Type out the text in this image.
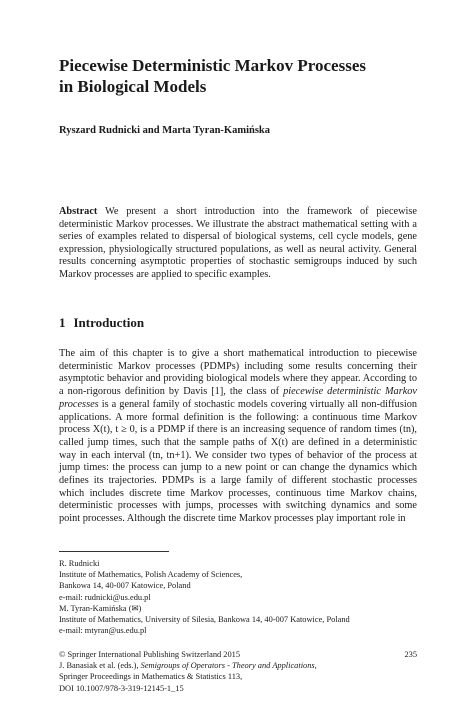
Piecewise Deterministic Markov Processes
in Biological Models
Ryszard Rudnicki and Marta Tyran-Kamińska
Abstract We present a short introduction into the framework of piecewise deterministic Markov processes. We illustrate the abstract mathematical setting with a series of examples related to dispersal of biological systems, cell cycle models, gene expression, physiologically structured populations, as well as neural activity. General results concerning asymptotic properties of stochastic semigroups induced by such Markov processes are applied to specific examples.
1 Introduction
The aim of this chapter is to give a short mathematical introduction to piecewise deterministic Markov processes (PDMPs) including some results concerning their asymptotic behavior and providing biological models where they appear. According to a non-rigorous definition by Davis [1], the class of piecewise deterministic Markov processes is a general family of stochastic models covering virtually all non-diffusion applications. A more formal definition is the following: a continuous time Markov process X(t), t ≥ 0, is a PDMP if there is an increasing sequence of random times (tn), called jump times, such that the sample paths of X(t) are defined in a deterministic way in each interval (tn, tn+1). We consider two types of behavior of the process at jump times: the process can jump to a new point or can change the dynamics which defines its trajectories. PDMPs is a large family of different stochastic processes which includes discrete time Markov processes, continuous time Markov chains, deterministic processes with jumps, processes with switching dynamics and some point processes. Although the discrete time Markov processes play important role in
R. Rudnicki
Institute of Mathematics, Polish Academy of Sciences,
Bankowa 14, 40-007 Katowice, Poland
e-mail: rudnicki@us.edu.pl
M. Tyran-Kamińska (✉)
Institute of Mathematics, University of Silesia, Bankowa 14, 40-007 Katowice, Poland
e-mail: mtyran@us.edu.pl
© Springer International Publishing Switzerland 2015
J. Banasiak et al. (eds.), Semigroups of Operators - Theory and Applications,
Springer Proceedings in Mathematics & Statistics 113,
DOI 10.1007/978-3-319-12145-1_15
235
